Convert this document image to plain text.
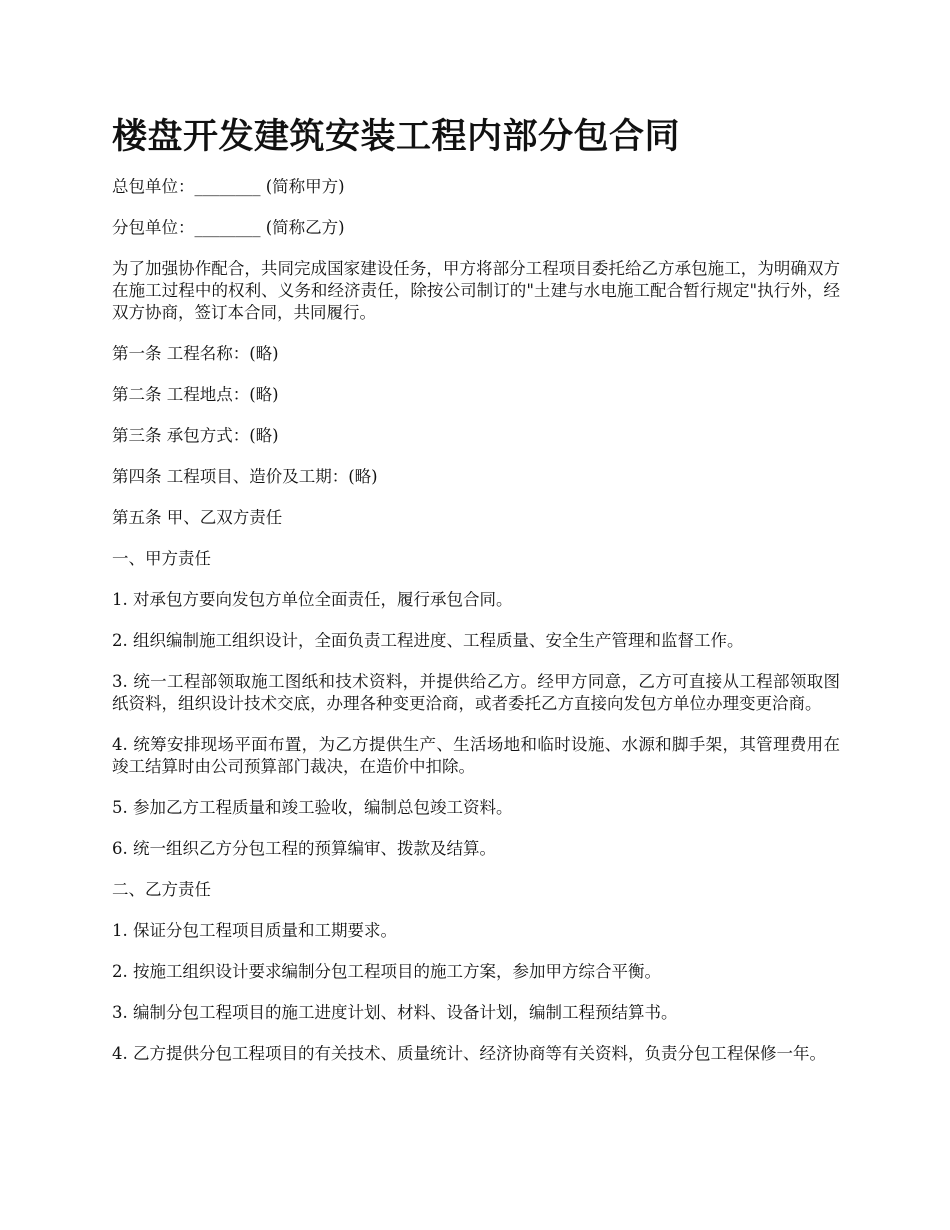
楼盘开发建筑安装工程内部分包合同

总包单位：________ (简称甲方)

分包单位：________ (简称乙方)

为了加强协作配合，共同完成国家建设任务，甲方将部分工程项目委托给乙方承包施工，为明确双方在施工过程中的权利、义务和经济责任，除按公司制订的"土建与水电施工配合暂行规定"执行外，经双方协商，签订本合同，共同履行。

第一条 工程名称：(略)

第二条 工程地点：(略)

第三条 承包方式：(略)

第四条 工程项目、造价及工期：(略)

第五条 甲、乙双方责任

一、甲方责任

1. 对承包方要向发包方单位全面责任，履行承包合同。

2. 组织编制施工组织设计，全面负责工程进度、工程质量、安全生产管理和监督工作。

3. 统一工程部领取施工图纸和技术资料，并提供给乙方。经甲方同意，乙方可直接从工程部领取图纸资料，组织设计技术交底，办理各种变更洽商，或者委托乙方直接向发包方单位办理变更洽商。

4. 统筹安排现场平面布置，为乙方提供生产、生活场地和临时设施、水源和脚手架，其管理费用在竣工结算时由公司预算部门裁决，在造价中扣除。

5. 参加乙方工程质量和竣工验收，编制总包竣工资料。

6. 统一组织乙方分包工程的预算编审、拨款及结算。

二、乙方责任

1. 保证分包工程项目质量和工期要求。

2. 按施工组织设计要求编制分包工程项目的施工方案，参加甲方综合平衡。

3. 编制分包工程项目的施工进度计划、材料、设备计划，编制工程预结算书。

4. 乙方提供分包工程项目的有关技术、质量统计、经济协商等有关资料，负责分包工程保修一年。
